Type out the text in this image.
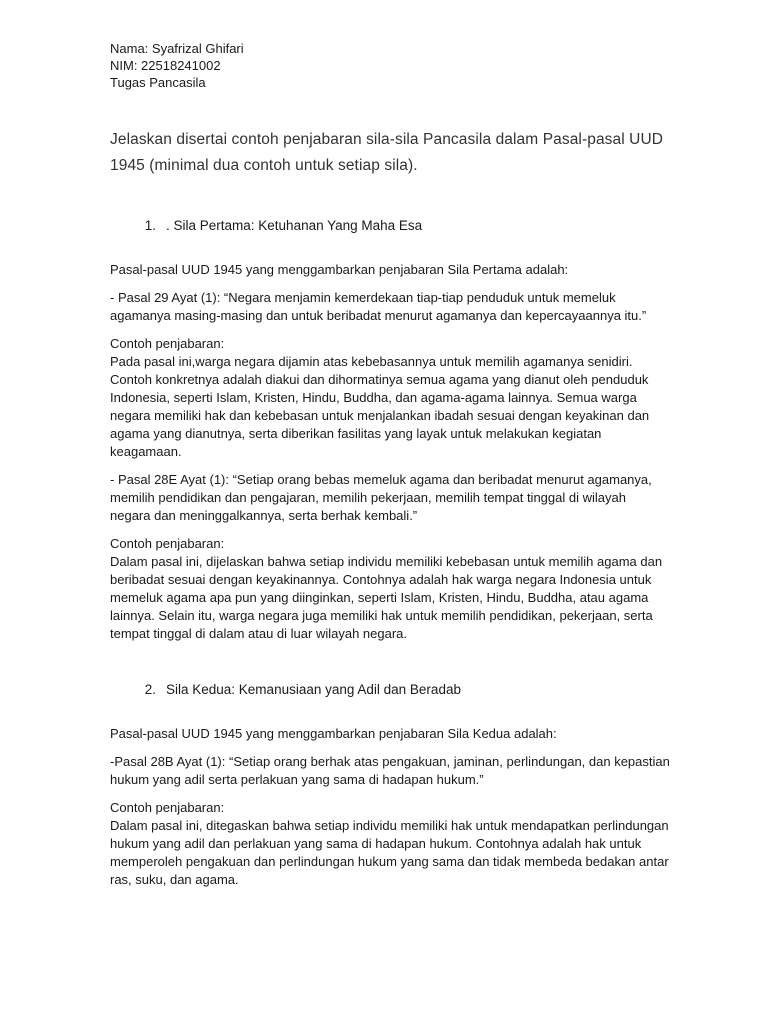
Nama: Syafrizal Ghifari

NIM: 22518241002

Tugas Pancasila

Jelaskan disertai contoh penjabaran sila-sila Pancasila dalam Pasal-pasal UUD 1945 (minimal dua contoh untuk setiap sila).

1. . Sila Pertama: Ketuhanan Yang Maha Esa

Pasal-pasal UUD 1945 yang menggambarkan penjabaran Sila Pertama adalah:

- Pasal 29 Ayat (1): “Negara menjamin kemerdekaan tiap-tiap penduduk untuk memeluk agamanya masing-masing dan untuk beribadat menurut agamanya dan kepercayaannya itu.”

Contoh penjabaran:
Pada pasal ini,warga negara dijamin atas kebebasannya untuk memilih agamanya senidiri. Contoh konkretnya adalah diakui dan dihormatinya semua agama yang dianut oleh penduduk Indonesia, seperti Islam, Kristen, Hindu, Buddha, dan agama-agama lainnya. Semua warga negara memiliki hak dan kebebasan untuk menjalankan ibadah sesuai dengan keyakinan dan agama yang dianutnya, serta diberikan fasilitas yang layak untuk melakukan kegiatan keagamaan.

- Pasal 28E Ayat (1): “Setiap orang bebas memeluk agama dan beribadat menurut agamanya, memilih pendidikan dan pengajaran, memilih pekerjaan, memilih tempat tinggal di wilayah negara dan meninggalkannya, serta berhak kembali.”

Contoh penjabaran:
Dalam pasal ini, dijelaskan bahwa setiap individu memiliki kebebasan untuk memilih agama dan beribadat sesuai dengan keyakinannya. Contohnya adalah hak warga negara Indonesia untuk memeluk agama apa pun yang diinginkan, seperti Islam, Kristen, Hindu, Buddha, atau agama lainnya. Selain itu, warga negara juga memiliki hak untuk memilih pendidikan, pekerjaan, serta tempat tinggal di dalam atau di luar wilayah negara.

2. Sila Kedua: Kemanusiaan yang Adil dan Beradab

Pasal-pasal UUD 1945 yang menggambarkan penjabaran Sila Kedua adalah:

-Pasal 28B Ayat (1): “Setiap orang berhak atas pengakuan, jaminan, perlindungan, dan kepastian hukum yang adil serta perlakuan yang sama di hadapan hukum.”

Contoh penjabaran:
Dalam pasal ini, ditegaskan bahwa setiap individu memiliki hak untuk mendapatkan perlindungan hukum yang adil dan perlakuan yang sama di hadapan hukum. Contohnya adalah hak untuk memperoleh pengakuan dan perlindungan hukum yang sama dan tidak membeda bedakan antar ras, suku, dan agama.
